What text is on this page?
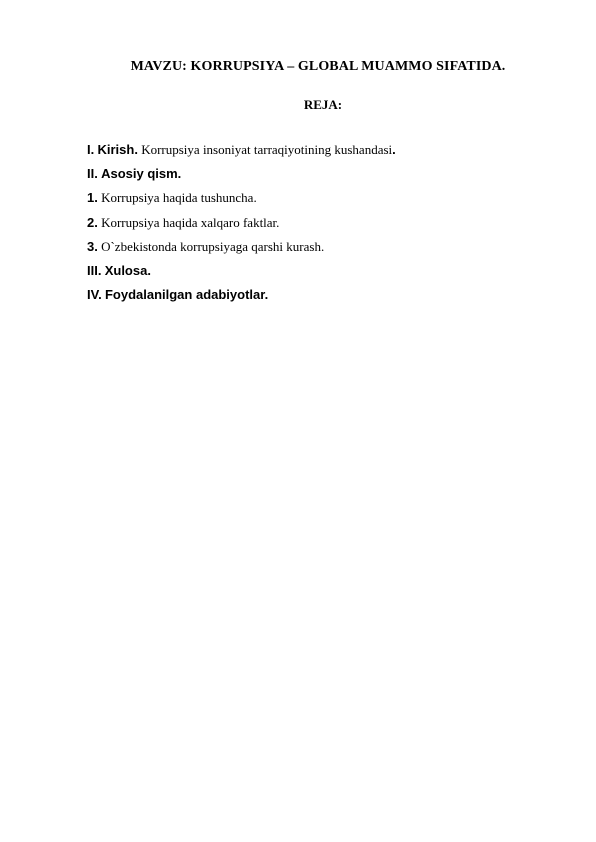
MAVZU: KORRUPSIYA – GLOBAL MUAMMO SIFATIDA.
REJA:
I. Kirish. Korrupsiya insoniyat tarraqiyotining kushandasi.
II. Asosiy qism.
1. Korrupsiya haqida tushuncha.
2. Korrupsiya haqida xalqaro faktlar.
3. O`zbekistonda korrupsiyaga qarshi kurash.
III. Xulosa.
IV. Foydalanilgan adabiyotlar.
